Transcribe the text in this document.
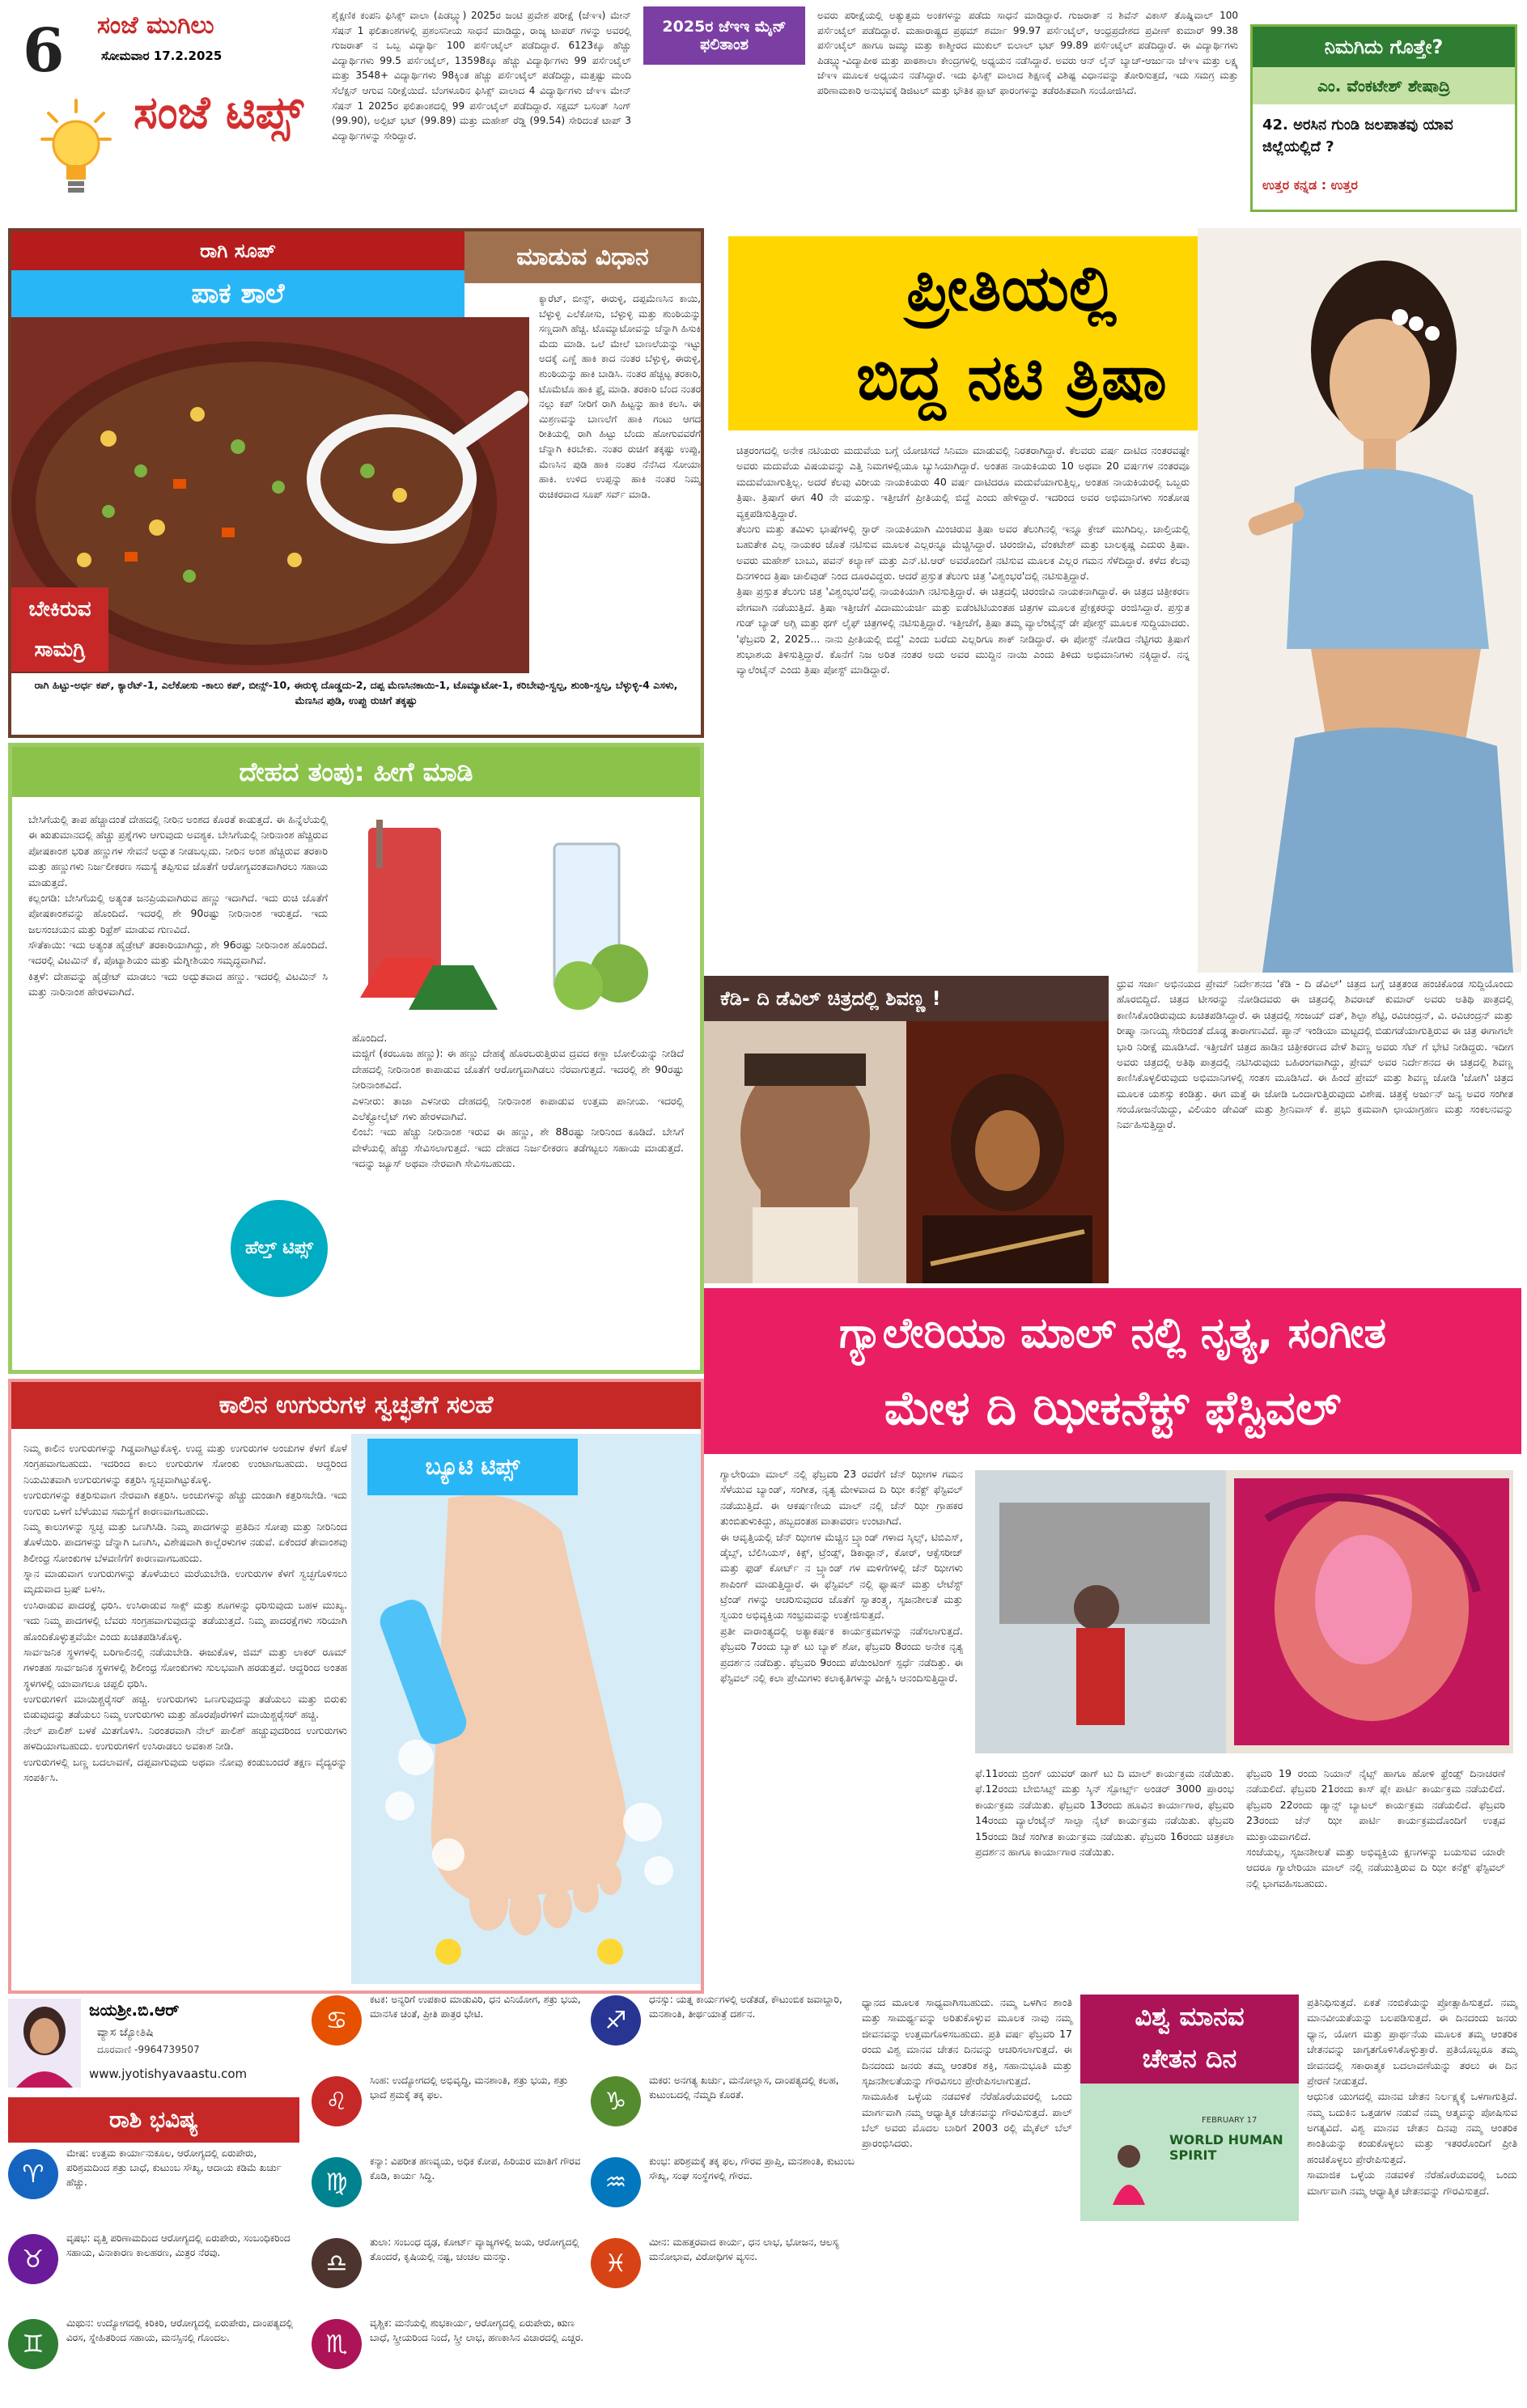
6 ಸಂಜೆ ಮುಗಿಲು
ಸೋಮವಾರ 17.2.2025
ಸಂಜೆ ಟಿಪ್ಸ್
ಶೈಕ್ಷಣಿಕ ಕಂಪನಿ ಫಿಸಿಕ್ಸ್ ವಾಲಾ (ಪಿಡಬ್ಲ್ಯು) 2025ರ ಜಂಟಿ ಪ್ರವೇಶ ಪರೀಕ್ಷೆ (ಜೆಇಇ) ಮೇನ್ ಸೆಷನ್ 1 ಫಲಿತಾಂಶಗಳಲ್ಲಿ ಪ್ರಶಂಸನೀಯ ಸಾಧನೆ ಮಾಡಿದ್ದು, ರಾಜ್ಯ ಟಾಪರ್ ಗಳನ್ನು ಅವರಲ್ಲಿ ಗುಜರಾತ್ ನ ಒಬ್ಬ ವಿದ್ಯಾರ್ಥಿ 100 ಪರ್ಸೆಂಟೈಲ್ ಪಡೆದಿದ್ದಾರೆ. 6123ಕ್ಕೂ ಹೆಚ್ಚು ವಿದ್ಯಾರ್ಥಿಗಳು 99.5 ಪರ್ಸೆಂಟೈಲ್, 13598ಕ್ಕೂ ಹೆಚ್ಚು ವಿದ್ಯಾರ್ಥಿಗಳು 99 ಪರ್ಸೆಂಟೈಲ್ ಮತ್ತು 3548+ ವಿದ್ಯಾರ್ಥಿಗಳು 98ಕ್ಕಿಂತ ಹೆಚ್ಚು ಪರ್ಸೆಂಟೈಲ್ ಪಡೆದಿದ್ದು, ಮತ್ತಷ್ಟು ಮಂದಿ ಸೆಲೆಕ್ಷನ್ ಆಗುವ ನಿರೀಕ್ಷೆಯಿದೆ. ಬೆಂಗಳೂರಿನ ಫಿಸಿಕ್ಸ್ ವಾಲಾದ 4 ವಿದ್ಯಾರ್ಥಿಗಳು ಜೆಇಇ ಮೇನ್ ಸೆಷನ್ 1 2025ರ ಫಲಿತಾಂಶದಲ್ಲಿ 99 ಪರ್ಸೆಂಟೈಲ್ ಪಡೆದಿದ್ದಾರೆ. ಸಕ್ಷಮ್ ಬಸಂತ್ ಸಿಂಗ್ (99.90), ಅಲ್ಪಿಟ್ ಭಟ್ (99.89) ಮತ್ತು ಮಹೇಶ್ ರೆಡ್ಡಿ (99.54) ಸೇರಿದಂತೆ ಟಾಪ್ 3 ವಿದ್ಯಾರ್ಥಿಗಳನ್ನು ಸೇರಿದ್ದಾರೆ.
2025ರ ಜೆಇಇ ಮೈನ್ ಫಲಿತಾಂಶ
ಅವರು ಪರೀಕ್ಷೆಯಲ್ಲಿ ಅತ್ಯುತ್ತಮ ಅಂಕಗಳನ್ನು ಪಡೆದು ಸಾಧನೆ ಮಾಡಿದ್ದಾರೆ. ಗುಜರಾತ್ ನ ಶಿವೆನ್ ವಿಕಾಸ್ ತೊಷ್ನಿವಾಲ್ 100 ಪರ್ಸೆಂಟೈಲ್ ಪಡೆದಿದ್ದಾರೆ. ಮಹಾರಾಷ್ಟ್ರದ ಪ್ರಥಮ್ ಶರ್ಮಾ 99.97 ಪರ್ಸೆಂಟೈಲ್, ಆಂಧ್ರಪ್ರದೇಶದ ಪ್ರವೀಣ್ ಕುಮಾರ್ 99.38 ಪರ್ಸೆಂಟೈಲ್ ಹಾಗೂ ಜಮ್ಮು ಮತ್ತು ಕಾಶ್ಮೀರದ ಮುಕುಲ್ ಬಿಲಾಲ್ ಭಟ್ 99.89 ಪರ್ಸೆಂಟೈಲ್ ಪಡೆದಿದ್ದಾರೆ. ಈ ವಿದ್ಯಾರ್ಥಿಗಳು ಪಿಡಬ್ಲ್ಯು-ವಿದ್ಯಾಪೀಠ ಮತ್ತು ಪಾಠಶಾಲಾ ಕೇಂದ್ರಗಳಲ್ಲಿ ಅಧ್ಯಯನ ನಡೆಸಿದ್ದಾರೆ. ಅವರು ಆನ್ ಲೈನ್ ಬ್ಯಾಚ್-ಆರ್ಜುನಾ ಜೆಇಇ ಮತ್ತು ಲಕ್ಷ್ಯ ಜೆಇಇ ಮೂಲಕ ಅಧ್ಯಯನ ನಡೆಸಿದ್ದಾರೆ. ಇದು ಫಿಸಿಕ್ಸ್ ವಾಲಾದ ಶಿಕ್ಷಣಕ್ಕೆ ವಿಶಿಷ್ಟ ವಿಧಾನವನ್ನು ತೋರಿಸುತ್ತದೆ, ಇದು ಸಮಗ್ರ ಮತ್ತು ಪರಿಣಾಮಕಾರಿ ಅನುಭವಕ್ಕೆ ಡಿಜಿಟಲ್ ಮತ್ತು ಭೌತಿಕ ಪ್ಲಾಟ್ ಫಾರಂಗಳನ್ನು ತಡೆರಹಿತವಾಗಿ ಸಂಯೋಜಿಸಿದೆ.
ನಿಮಗಿದು ಗೊತ್ತೇ?
ಎಂ. ವೆಂಕಟೇಶ್ ಶೇಷಾದ್ರಿ
42. ಅರಸಿನ ಗುಂಡಿ ಜಲಪಾತವು ಯಾವ ಜಿಲ್ಲೆಯಲ್ಲಿದೆ ?
ಉತ್ತರ ಕನ್ನಡ : ಉತ್ತರ
ರಾಗಿ ಸೂಪ್	ಮಾಡುವ ವಿಧಾನ
ಪಾಕ ಶಾಲೆ
ಬೇಕಿರುವ ಸಾಮಗ್ರಿ
ಕ್ಯಾರೆಟ್, ಬೀನ್ಸ್, ಈರುಳ್ಳಿ, ದಪ್ಪಮೆಣಸಿನ ಕಾಯಿ, ಬೆಳ್ಳುಳ್ಳಿ ಎಲೆಕೋಸು, ಬೆಳ್ಳುಳ್ಳಿ ಮತ್ತು ಶುಂಠಿಯನ್ನು ಸಣ್ಣದಾಗಿ ಹೆಚ್ಚಿ. ಟೊಮ್ಯಾಟೋವನ್ನು ಚೆನ್ನಾಗಿ ಹಿಸುಕಿ ಮೆದು ಮಾಡಿ. ಒಲೆ ಮೇಲೆ ಬಾಣಲೆಯನ್ನು ಇಟ್ಟು ಅದಕ್ಕೆ ಎಣ್ಣೆ ಹಾಕಿ ಕಾದ ನಂತರ ಬೆಳ್ಳುಳ್ಳಿ, ಈರುಳ್ಳಿ, ಶುಂಠಿಯನ್ನು ಹಾಕಿ ಬಾಡಿಸಿ. ನಂತರ ಹೆಚ್ಚಿಟ್ಟ ತರಕಾರಿ, ಟೊಮೆಟೊ ಹಾಕಿ ಫ್ರೈ ಮಾಡಿ. ತರಕಾರಿ ಬೆಂದ ನಂತರ ನಲ್ಲು ಕಪ್ ನೀರಿಗೆ ರಾಗಿ ಹಿಟ್ಟನ್ನು ಹಾಕಿ ಕಲಸಿ. ಈ ಮಿಶ್ರಣವನ್ನು ಬಾಣಲೆಗೆ ಹಾಕಿ ಗಂಟು ಆಗದ ರೀತಿಯಲ್ಲಿ ರಾಗಿ ಹಿಟ್ಟು ಬೆಂದು ಹೋಗುವವರೆಗೆ ಚೆನ್ನಾಗಿ ಕಿರಬೇಕು. ನಂತರ ರುಚಿಗೆ ತಕ್ಕಷ್ಟು ಉಪ್ಪು, ಮೆಣಸಿನ ಪುಡಿ ಹಾಕಿ ನಂತರ ನೆನೆಸಿದ ಸೋಯಾ ಹಾಕಿ. ಉಳಿದ ಉಪ್ಪನ್ನು ಹಾಕಿ ನಂತರ ನಿಮ್ಮ ರುಚಿಕರವಾದ ಸೂಪ್ ಸರ್ವ್ ಮಾಡಿ.
ರಾಗಿ ಹಿಟ್ಟು-ಅರ್ಧ ಕಪ್, ಕ್ಯಾರೆಟ್-1, ಎಲೆಕೋಸು -ಕಾಲು ಕಪ್, ಬೀನ್ಸ್-10, ಈರುಳ್ಳಿ ದೊಡ್ಡದು-2, ದಪ್ಪ ಮೆಣಸಿನಕಾಯಿ-1, ಟೊಮ್ಯಾಟೋ-1, ಕರಿಬೇವು-ಸ್ವಲ್ಪ, ಶುಂಠಿ-ಸ್ವಲ್ಪ, ಬೆಳ್ಳುಳ್ಳಿ-4 ಎಸಳು, ಮೆಣಸಿನ ಪುಡಿ, ಉಪ್ಪು ರುಚಿಗೆ ತಕ್ಕಷ್ಟು
ಪ್ರೀತಿಯಲ್ಲಿ
ಬಿದ್ದ ನಟಿ ತ್ರಿಷಾ
ಚಿತ್ರರಂಗದಲ್ಲಿ ಅನೇಕ ನಟಿಯರು ಮದುವೆಯ ಬಗ್ಗೆ ಯೋಚಿಸದೆ ಸಿನಿಮಾ ಮಾಡುವಲ್ಲಿ ನಿರತರಾಗಿದ್ದಾರೆ. ಕೆಲವರು ವರ್ಷ ದಾಟಿದ ನಂತರವಷ್ಟೇ ಅವರು ಮದುವೆಯ ವಿಷಯವನ್ನು ಎತ್ತಿ ನಿಮಗಳಲ್ಲಿಯೂ ಬ್ಯುಸಿಯಾಗಿದ್ದಾರೆ. ಅಂತಹ ನಾಯಕಿಯರು 10 ಅಥವಾ 20 ವರ್ಷಗಳ ನಂತರವೂ ಮದುವೆಯಾಗುತ್ತಿಲ್ಲ. ಅದರೆ ಕೆಲವು ವಿರೀಯ ನಾಯಕಿಯರು 40 ವರ್ಷ ದಾಟಿದರೂ ಮದುವೆಯಾಗುತ್ತಿಲ್ಲ, ಅಂತಹ ನಾಯಕಿಯರಲ್ಲಿ ಒಬ್ಬರು ತ್ರಿಷಾ. ತ್ರಿಷಾಗೆ ಈಗ 40 ನೇ ವಯಸ್ಸು. ಇತ್ತೀಚೆಗೆ ಪ್ರೀತಿಯಲ್ಲಿ ಬಿದ್ದೆ ಎಂದು ಹೇಳಿದ್ದಾರೆ. ಇದರಿಂದ ಅವರ ಅಭಿಮಾನಿಗಳು ಸಂತೋಷ ವ್ಯಕ್ತಪಡಿಸುತ್ತಿದ್ದಾರೆ.
ತೆಲುಗು ಮತ್ತು ತಮಿಳು ಭಾಷೆಗಳಲ್ಲಿ ಸ್ಟಾರ್ ನಾಯಕಿಯಾಗಿ ಮಿಂಚಿರುವ ತ್ರಿಷಾ ಅವರ ತೆಲುಗಿನಲ್ಲಿ ಇನ್ನೂ ಕ್ರೇಜ್ ಮುಗಿದಿಲ್ಲ. ಚಾಲ್ತಿಯಲ್ಲಿ ಬಹುತೇಕ ಎಲ್ಲ ನಾಯಕರ ಜೊತೆ ನಟಿಸುವ ಮೂಲಕ ಎಲ್ಲರನ್ನೂ ಮೆಚ್ಚಿಸಿದ್ದಾರೆ. ಚಿರಂಜೀವಿ, ವೆಂಕಟೇಶ್ ಮತ್ತು ಬಾಲಕೃಷ್ಣ ಎದುರು ತ್ರಿಷಾ. ಅವರು ಮಹೇಶ್ ಬಾಬು, ಪವನ್ ಕಲ್ಯಾಣ್ ಮತ್ತು ಎನ್.ಟಿ.ಆರ್ ಅವರೊಂದಿಗೆ ನಟಿಸುವ ಮೂಲಕ ಎಲ್ಲರ ಗಮನ ಸೆಳೆದಿದ್ದಾರೆ. ಕಳೆದ ಕೆಲವು ದಿನಗಳಿಂದ ತ್ರಿಷಾ ಚಾಲಿವುಡ್ ನಿಂದ ದೂರವಿದ್ದರು. ಆದರೆ ಪ್ರಸ್ತುತ ತೆಲುಗು ಚಿತ್ರ 'ವಿಶ್ವಂಭರ'ದಲ್ಲಿ ನಟಿಸುತ್ತಿದ್ದಾರೆ.
ತ್ರಿಷಾ ಪ್ರಸ್ತುತ ತೆಲುಗು ಚಿತ್ರ 'ವಿಶ್ವಂಭರ'ದಲ್ಲಿ ನಾಯಕಿಯಾಗಿ ನಟಿಸುತ್ತಿದ್ದಾರೆ. ಈ ಚಿತ್ರದಲ್ಲಿ ಚಿರಂಜೀವಿ ನಾಯಕನಾಗಿದ್ದಾರೆ. ಈ ಚಿತ್ರದ ಚಿತ್ರೀಕರಣ ವೇಗವಾಗಿ ನಡೆಯುತ್ತಿದೆ. ತ್ರಿಷಾ ಇತ್ತೀಚೆಗೆ ವಿದಾಮುಯರ್ಚಿ ಮತ್ತು ಐಡೆಂಟಿಟಿಯಂತಹ ಚಿತ್ರಗಳ ಮೂಲಕ ಪ್ರೇಕ್ಷಕರನ್ನು ರಂಜಿಸಿದ್ದಾರೆ. ಪ್ರಸ್ತುತ ಗುಡ್ ಬ್ಯಾಡ್ ಅಗ್ಲಿ ಮತ್ತು ಥಗ್ ಲೈಫ್ ಚಿತ್ರಗಳಲ್ಲಿ ನಟಿಸುತ್ತಿದ್ದಾರೆ. ಇತ್ತೀಚೆಗೆ, ತ್ರಿಷಾ ತಮ್ಮ ವ್ಯಾಲೆಂಟೈನ್ಸ್ ಡೇ ಪೋಸ್ಟ್ ಮೂಲಕ ಸುದ್ದಿಯಾದರು. 'ಫೆಬ್ರವರಿ 2, 2025... ನಾನು ಪ್ರೀತಿಯಲ್ಲಿ ಬಿದ್ದೆ' ಎಂದು ಬರೆದು ಎಲ್ಲರಿಗೂ ಶಾಕ್ ನೀಡಿದ್ದಾರೆ. ಈ ಪೋಸ್ಟ್ ನೋಡಿದ ನೆಟ್ಟಿಗರು ತ್ರಿಷಾಗೆ ಶುಭಾಶಯ ತಿಳಿಸುತ್ತಿದ್ದಾರೆ. ಕೊನೆಗೆ ನಿಜ ಅರಿತ ನಂತರ ಅದು ಅವರ ಮುದ್ದಿನ ನಾಯಿ ಎಂದು ತಿಳಿದು ಅಭಿಮಾನಿಗಳು ನಕ್ಕಿದ್ದಾರೆ. ನನ್ನ ವ್ಯಾಲೆಂಟೈನ್ ಎಂದು ತ್ರಿಷಾ ಪೋಸ್ಟ್ ಮಾಡಿದ್ದಾರೆ.
ದೇಹದ ತಂಪು: ಹೀಗೆ ಮಾಡಿ
ಬೇಸಿಗೆಯಲ್ಲಿ ತಾಪ ಹೆಚ್ಚಾದಂತೆ ದೇಹದಲ್ಲಿ ನೀರಿನ ಅಂಶದ ಕೊರತೆ ಕಾಡುತ್ತದೆ. ಈ ಹಿನ್ನೆಲೆಯಲ್ಲಿ ಈ ಋತುಮಾನದಲ್ಲಿ ಹೆಚ್ಚು ಪ್ರಶ್ನೆಗಳು ಆಗುವುದು ಅವಶ್ಯಕ. ಬೇಸಿಗೆಯಲ್ಲಿ ನೀರಿನಾಂಶ ಹೆಚ್ಚಿರುವ ಪೋಷಕಾಂಶ ಭರಿತ ಹಣ್ಣುಗಳ ಸೇವನೆ ಅದ್ಭುತ ನೀಡಬಲ್ಲದು. ನೀರಿನ ಅಂಶ ಹೆಚ್ಚಿರುವ ತರಕಾರಿ ಮತ್ತು ಹಣ್ಣುಗಳು ನಿರ್ಜಲೀಕರಣ ಸಮಸ್ಯೆ ತಪ್ಪಿಸುವ ಜೊತೆಗೆ ಆರೋಗ್ಯವಂತವಾಗಿರಲು ಸಹಾಯ ಮಾಡುತ್ತದೆ.
ಕಲ್ಲಂಗಡಿ: ಬೇಸಿಗೆಯಲ್ಲಿ ಅತ್ಯಂತ ಜನಪ್ರಿಯವಾಗಿರುವ ಹಣ್ಣು ಇದಾಗಿದೆ. ಇದು ರುಚಿ ಜೊತೆಗೆ ಪೋಷಕಾಂಶವನ್ನು ಹೊಂದಿದೆ. ಇದರಲ್ಲಿ ಶೇ 90ರಷ್ಟು ನೀರಿನಾಂಶ ಇರುತ್ತದೆ. ಇದು ಜಲಸಂಚಯನ ಮತ್ತು ರಿಫ್ರೆಶ್ ಮಾಡುವ ಗುಣವಿದೆ.
ಸೌತೆಕಾಯಿ: ಇದು ಅತ್ಯಂತ ಹೈಡ್ರೇಟ್ ತರಕಾರಿಯಾಗಿದ್ದು, ಶೇ 96ರಷ್ಟು ನೀರಿನಾಂಶ ಹೊಂದಿದೆ. ಇದರಲ್ಲಿ ವಿಟಮಿನ್ ಕೆ, ಪೊಟ್ಯಾಶಿಯಂ ಮತ್ತು ಮೆಗ್ನೀಶಿಯಂ ಸಮೃದ್ಧವಾಗಿವೆ.
ಕಿತ್ತಳೆ: ದೇಹವನ್ನು ಹೈಡ್ರೇಟ್ ಮಾಡಲು ಇದು ಅದ್ಭುತವಾದ ಹಣ್ಣು. ಇದರಲ್ಲಿ ವಿಟಮಿನ್ ಸಿ ಮತ್ತು ನಾರಿನಾಂಶ ಹೇರಳವಾಗಿದೆ.
ಹೊಂದಿದೆ.
ಮಜ್ಜಿಗೆ (ಕರಬೂಜ ಹಣ್ಣು): ಈ ಹಣ್ಣು ದೇಹಕ್ಕೆ ಹೊರಬರುತ್ತಿರುವ ದ್ರವದ ಕಣ್ಣಾ ಬೋಲಿಯನ್ನು ನೀಡಿದೆ ದೇಹದಲ್ಲಿ ನೀರಿನಾಂಶ ಕಾಪಾಡುವ ಜೊತೆಗೆ ಆರೋಗ್ಯವಾಗಿಡಲು ನೆರವಾಗುತ್ತದೆ. ಇದರಲ್ಲಿ ಶೇ 90ರಷ್ಟು ನೀರಿನಾಂಶವಿದೆ.
ಎಳನೀರು: ತಾಜಾ ಎಳನೀರು ದೇಹದಲ್ಲಿ ನೀರಿನಾಂಶ ಕಾಪಾಡುವ ಉತ್ತಮ ಪಾನೀಯ. ಇದರಲ್ಲಿ ಎಲೆಕ್ಟ್ರೋಲೈಟ್ ಗಳು ಹೇರಳವಾಗಿವೆ.
ಲಿಂಬೆ: ಇದು ಹೆಚ್ಚು ನೀರಿನಾಂಶ ಇರುವ ಈ ಹಣ್ಣು, ಶೇ 88ರಷ್ಟು ನೀರಿನಿಂದ ಕೂಡಿದೆ. ಬೇಸಿಗೆ ವೇಳೆಯಲ್ಲಿ ಹೆಚ್ಚು ಸೇವಿಸಲಾಗುತ್ತದೆ. ಇದು ದೇಹದ ನಿರ್ಜಲೀಕರಣ ತಡೆಗಟ್ಟಲು ಸಹಾಯ ಮಾಡುತ್ತದೆ. ಇದನ್ನು ಜ್ಯೂಸ್ ಅಥವಾ ನೇರವಾಗಿ ಸೇವಿಸಬಹುದು.
ಹೆಲ್ತ್ ಟಿಪ್ಸ್
ಕೆಡಿ- ದಿ ಡೆವಿಲ್ ಚಿತ್ರದಲ್ಲಿ ಶಿವಣ್ಣ !
ಧ್ರುವ ಸರ್ಜಾ ಅಭಿನಯದ ಪ್ರೇಮ್ ನಿರ್ದೇಶನದ 'ಕೆಡಿ - ದಿ ಡೆವಿಲ್' ಚಿತ್ರದ ಬಗ್ಗೆ ಚಿತ್ರತಂಡ ಹಂಚಿಕೊಂಡ ಸುದ್ದಿಯೊಂದು ಹೊರಬಿದ್ದಿದೆ. ಚಿತ್ರದ ಟೀಸರನ್ನು ನೋಡಿದವರು ಈ ಚಿತ್ರದಲ್ಲಿ ಶಿವರಾಜ್ ಕುಮಾರ್ ಅವರು ಅತಿಥಿ ಪಾತ್ರದಲ್ಲಿ ಕಾಣಿಸಿಕೊಂಡಿರುವುದು ಖಚಿತಪಡಿಸಿದ್ದಾರೆ. ಈ ಚಿತ್ರದಲ್ಲಿ ಸಂಜಯ್ ದತ್, ಶಿಲ್ಪಾ ಶೆಟ್ಟಿ, ರವಿಚಂದ್ರನ್, ವಿ. ರವಿಚಂದ್ರನ್ ಮತ್ತು ರೀಷ್ಮಾ ನಾಣಯ್ಯ ಸೇರಿದಂತೆ ದೊಡ್ಡ ತಾರಾಗಣವಿದೆ. ಪ್ಯಾನ್ ಇಂಡಿಯಾ ಮಟ್ಟದಲ್ಲಿ ಬಿಡುಗಡೆಯಾಗುತ್ತಿರುವ ಈ ಚಿತ್ರ ಈಗಾಗಲೇ ಭಾರಿ ನಿರೀಕ್ಷೆ ಮೂಡಿಸಿದೆ. ಇತ್ತೀಚೆಗೆ ಚಿತ್ರದ ಹಾಡಿನ ಚಿತ್ರೀಕರಣದ ವೇಳೆ ಶಿವಣ್ಣ ಅವರು ಸೆಟ್ ಗೆ ಭೇಟಿ ನೀಡಿದ್ದರು. ಇದೀಗ ಅವರು ಚಿತ್ರದಲ್ಲಿ ಅತಿಥಿ ಪಾತ್ರದಲ್ಲಿ ನಟಿಸಿರುವುದು ಬಹಿರಂಗವಾಗಿದ್ದು, ಪ್ರೇಮ್ ಅವರ ನಿರ್ದೇಶನದ ಈ ಚಿತ್ರದಲ್ಲಿ ಶಿವಣ್ಣ ಕಾಣಿಸಿಕೊಳ್ಳಲಿರುವುದು ಅಭಿಮಾನಿಗಳಲ್ಲಿ ಸಂತಸ ಮೂಡಿಸಿದೆ. ಈ ಹಿಂದೆ ಪ್ರೇಮ್ ಮತ್ತು ಶಿವಣ್ಣ ಜೋಡಿ 'ಜೋಗಿ' ಚಿತ್ರದ ಮೂಲಕ ಯಶಸ್ಸು ಕಂಡಿತ್ತು. ಈಗ ಮತ್ತೆ ಈ ಜೋಡಿ ಒಂದಾಗುತ್ತಿರುವುದು ವಿಶೇಷ. ಚಿತ್ರಕ್ಕೆ ಅರ್ಜುನ್ ಜನ್ಯ ಅವರ ಸಂಗೀತ ಸಂಯೋಜನೆಯಿದ್ದು, ವಿಲಿಯಂ ಡೇವಿಡ್ ಮತ್ತು ಶ್ರೀನಿವಾಸ್ ಕೆ. ಪ್ರಭು ಕ್ರಮವಾಗಿ ಛಾಯಾಗ್ರಹಣ ಮತ್ತು ಸಂಕಲನವನ್ನು ನಿರ್ವಹಿಸುತ್ತಿದ್ದಾರೆ.
ಗ್ಯಾಲೇರಿಯಾ ಮಾಲ್ ನಲ್ಲಿ ನೃತ್ಯ, ಸಂಗೀತ
ಮೇಳ ದಿ ಝೀಕನೆಕ್ಟ್ ಫೆಸ್ಟಿವಲ್
ಗ್ಯಾಲೇರಿಯಾ ಮಾಲ್ ನಲ್ಲಿ ಫೆಬ್ರವರಿ 23 ರವರೆಗೆ ಜೆನ್ ಝೀಗಳ ಗಮನ ಸೆಳೆಯುವ ಬ್ಯಾಂಡ್, ಸಂಗೀತ, ನೃತ್ಯ ಮೇಳವಾದ ದಿ ಝೀ ಕನೆಕ್ಟ್ ಫೆಸ್ಟಿವಲ್ ನಡೆಯುತ್ತಿದೆ. ಈ ಆಕರ್ಷಣೀಯ ಮಾಲ್ ನಲ್ಲಿ ಜೆನ್ ಝೀ ಗ್ರಾಹಕರ ತುಂಬಿತುಳುಕಿದ್ದು, ಹಬ್ಬದಂತಹ ವಾತಾವರಣ ಉಂಟಾಗಿದೆ.
ಈ ಆವೃತ್ತಿಯಲ್ಲಿ ಜೆನ್ ಝೀಗಳ ಮೆಚ್ಚಿನ ಬ್ರ್ಯಾಂಡ್ ಗಳಾದ ಸ್ಕಿಲ್ಸ್, ಟಿಬಿಎಸ್, ಡೈಬ್ಸ್, ಬೆಲಿಸಿಯಸ್, ಕಿಕ್ಸ್, ಟ್ರೆಂಡ್ಸ್, ಡಿಕಾಥ್ಲಾನ್, ಕೋರ್, ಆಕ್ಸೆಸರೀಜ್ ಮತ್ತು ಫುಡ್ ಕೋರ್ಟ್ ನ ಬ್ರ್ಯಾಂಡ್ ಗಳ ಮಳಿಗೆಗಳಲ್ಲಿ ಜೆನ್ ಝೀಗಳು ಶಾಪಿಂಗ್ ಮಾಡುತ್ತಿದ್ದಾರೆ. ಈ ಫೆಸ್ಟಿವಲ್ ನಲ್ಲಿ ಫ್ಯಾಷನ್ ಮತ್ತು ಲೇಟೆಸ್ಟ್ ಟ್ರೆಂಡ್ ಗಳನ್ನು ಆಚರಿಸುವುದರ ಜೊತೆಗೆ ಸ್ವಾತಂತ್ರ್ಯ, ಸೃಜನಶೀಲತೆ ಮತ್ತು ಸ್ವಯಂ ಅಭಿವ್ಯಕ್ತಿಯ ಸಂಭ್ರಮವನ್ನು ಉತ್ತೇಜಿಸುತ್ತದೆ.
ಪ್ರತೀ ವಾರಾಂತ್ಯದಲ್ಲಿ ಅತ್ಯಾಕರ್ಷಕ ಕಾರ್ಯಕ್ರಮಗಳನ್ನು ನಡೆಸಲಾಗುತ್ತದೆ. ಫೆಬ್ರವರಿ 7ರಂದು ಬ್ಯಾಕ್ ಟು ಬ್ಯಾಕ್ ಶೋ, ಫೆಬ್ರವರಿ 8ರಂದು ಅನೇಕ ನೃತ್ಯ ಪ್ರದರ್ಶನ ನಡೆದಿತ್ತು. ಫೆಬ್ರವರಿ 9ರಂದು ಪೆಯಿಂಟಿಂಗ್ ಸ್ಪರ್ಧೆ ನಡೆದಿತ್ತು. ಈ ಫೆಸ್ಟಿವಲ್ ನಲ್ಲಿ ಕಲಾ ಪ್ರೇಮಿಗಳು ಕಲಾಕೃತಿಗಳನ್ನು ವೀಕ್ಷಿಸಿ ಆನಂದಿಸುತ್ತಿದ್ದಾರೆ.
ಫೆ.11ರಂದು ಬ್ರಿಂಗ್ ಯುವರ್ ಡಾಗ್ ಟು ದಿ ಮಾಲ್ ಕಾರ್ಯಕ್ರಮ ನಡೆಯಿತು. ಫೆ.12ರಂದು ಬೇಬಿಸಿಟ್ಸ್ ಮತ್ತು ಸ್ಕಿನ್ ಸ್ಪೋರ್ಟ್ಸ್ ಅಂಡರ್ 3000 ಪ್ರಾರಂಭ ಕಾರ್ಯಕ್ರಮ ನಡೆಯಿತು. ಫೆಬ್ರವರಿ 13ರಂದು ಹೂವಿನ ಕಾರ್ಯಾಗಾರ, ಫೆಬ್ರವರಿ 14ರಂದು ವ್ಯಾಲೆಂಟೈನ್ ಸಾಲ್ಸಾ ನೈಟ್ ಕಾರ್ಯಕ್ರಮ ನಡೆಯಿತು. ಫೆಬ್ರವರಿ 15ರಂದು ಡಿಜೆ ಸಂಗೀತ ಕಾರ್ಯಕ್ರಮ ನಡೆಯಿತು. ಫೆಬ್ರವರಿ 16ರಂದು ಚಿತ್ರಕಲಾ ಪ್ರದರ್ಶನ ಹಾಗೂ ಕಾರ್ಯಾಗಾರ ನಡೆಯಿತು.
ಫೆಬ್ರವರಿ 19 ರಂದು ನಿಯಾನ್ ನೈಟ್ಸ್ ಹಾಗೂ ಹೋಳಿ ಫ್ರೆಂಡ್ಸ್ ದಿನಾಚರಣೆ ನಡೆಯಲಿದೆ. ಫೆಬ್ರವರಿ 21ರಂದು ಕಾಸ್ ಪ್ಲೇ ಪಾರ್ಟಿ ಕಾರ್ಯಕ್ರಮ ನಡೆಯಲಿದೆ. ಫೆಬ್ರವರಿ 22ರಂದು ಡ್ಯಾನ್ಸ್ ಬ್ಯಾಟಲ್ ಕಾರ್ಯಕ್ರಮ ನಡೆಯಲಿದೆ. ಫೆಬ್ರವರಿ 23ರಂದು ಜೆನ್ ಝೀ ಪಾರ್ಟಿ ಕಾರ್ಯಕ್ರಮದೊಂದಿಗೆ ಉತ್ಸವ ಮುಕ್ತಾಯವಾಗಲಿದೆ.
ಸಂಜೆಯಲ್ಲ, ಸೃಜನಶೀಲತೆ ಮತ್ತು ಅಭಿವ್ಯಕ್ತಿಯ ಕ್ಷಣಗಳನ್ನು ಬಯಸುವ ಯಾರೇ ಆದರೂ ಗ್ಯಾಲೇರಿಯಾ ಮಾಲ್ ನಲ್ಲಿ ನಡೆಯುತ್ತಿರುವ ದಿ ಝೀ ಕನೆಕ್ಟ್ ಫೆಸ್ಟಿವಲ್ ನಲ್ಲಿ ಭಾಗವಹಿಸಬಹುದು.
ಕಾಲಿನ ಉಗುರುಗಳ ಸ್ವಚ್ಛತೆಗೆ ಸಲಹೆ
ನಿಮ್ಮ ಕಾಲಿನ ಉಗುರುಗಳನ್ನು ಗಿಡ್ಡವಾಗಿಟ್ಟುಕೊಳ್ಳಿ. ಉದ್ದ ಮತ್ತು ಉಗುರುಗಳ ಅಂಚುಗಳ ಕೆಳಗೆ ಕೊಳೆ ಸಂಗ್ರಹವಾಗಬಹುದು. ಇದರಿಂದ ಕಾಲು ಉಗುರುಗಳ ಸೋಂಕು ಉಂಟಾಗಬಹುದು. ಆದ್ದರಿಂದ ನಿಯಮಿತವಾಗಿ ಉಗುರುಗಳನ್ನು ಕತ್ತರಿಸಿ ಸ್ವಚ್ಛವಾಗಿಟ್ಟುಕೊಳ್ಳಿ.
ಉಗುರುಗಳನ್ನು ಕತ್ತರಿಸುವಾಗ ನೇರವಾಗಿ ಕತ್ತರಿಸಿ. ಅಂಚುಗಳನ್ನು ಹೆಚ್ಚು ದುಂಡಾಗಿ ಕತ್ತರಿಸಬೇಡಿ. ಇದು ಉಗುರು ಒಳಗೆ ಬೆಳೆಯುವ ಸಮಸ್ಯೆಗೆ ಕಾರಣವಾಗಬಹುದು.
ನಿಮ್ಮ ಕಾಲುಗಳನ್ನು ಸ್ವಚ್ಛ ಮತ್ತು ಒಣಗಿಸಿಡಿ. ನಿಮ್ಮ ಪಾದಗಳನ್ನು ಪ್ರತಿದಿನ ಸೋಪು ಮತ್ತು ನೀರಿನಿಂದ ತೊಳೆಯಿರಿ. ಪಾದಗಳನ್ನು ಚೆನ್ನಾಗಿ ಒಣಗಿಸಿ, ವಿಶೇಷವಾಗಿ ಕಾಲ್ಬೆರಳುಗಳ ನಡುವೆ. ಏಕೆಂದರೆ ತೇವಾಂಶವು ಶಿಲೀಂಧ್ರ ಸೋಂಕುಗಳ ಬೆಳವಣಿಗೆಗೆ ಕಾರಣವಾಗಬಹುದು.
ಸ್ನಾನ ಮಾಡುವಾಗ ಉಗುರುಗಳನ್ನು ತೊಳೆಯಲು ಮರೆಯಬೇಡಿ. ಉಗುರುಗಳ ಕೆಳಗೆ ಸ್ವಚ್ಛಗೊಳಿಸಲು ಮೃದುವಾದ ಬ್ರಷ್ ಬಳಸಿ.
ಉಸಿರಾಡುವ ಪಾದರಕ್ಷೆ ಧರಿಸಿ. ಉಸಿರಾಡುವ ಸಾಕ್ಸ್ ಮತ್ತು ಶೂಗಳನ್ನು ಧರಿಸುವುದು ಬಹಳ ಮುಖ್ಯ. ಇದು ನಿಮ್ಮ ಪಾದಗಳಲ್ಲಿ ಬೆವರು ಸಂಗ್ರಹವಾಗುವುದನ್ನು ತಡೆಯುತ್ತದೆ. ನಿಮ್ಮ ಪಾದರಕ್ಷೆಗಳು ಸರಿಯಾಗಿ ಹೊಂದಿಕೊಳ್ಳುತ್ತವೆಯೇ ಎಂದು ಖಚಿತಪಡಿಸಿಕೊಳ್ಳಿ.
ಸಾರ್ವಜನಿಕ ಸ್ಥಳಗಳಲ್ಲಿ ಬರಿಗಾಲಿನಲ್ಲಿ ನಡೆಯಬೇಡಿ. ಈಜುಕೊಳ, ಜಿಮ್ ಮತ್ತು ಲಾಕರ್ ರೂಮ್ ಗಳಂತಹ ಸಾರ್ವಜನಿಕ ಸ್ಥಳಗಳಲ್ಲಿ ಶಿಲೀಂಧ್ರ ಸೋಂಕುಗಳು ಸುಲಭವಾಗಿ ಹರಡುತ್ತವೆ. ಆದ್ದರಿಂದ ಅಂತಹ ಸ್ಥಳಗಳಲ್ಲಿ ಯಾವಾಗಲೂ ಚಪ್ಪಲಿ ಧರಿಸಿ.
ಉಗುರುಗಳಿಗೆ ಮಾಯಿಶ್ಚರೈಸರ್ ಹಚ್ಚಿ. ಉಗುರುಗಳು ಒಣಗುವುದನ್ನು ತಡೆಯಲು ಮತ್ತು ಬಿರುಕು ಬಿಡುವುದನ್ನು ತಡೆಯಲು ನಿಮ್ಮ ಉಗುರುಗಳು ಮತ್ತು ಹೊರಪೊರೆಗಳಿಗೆ ಮಾಯಿಶ್ಚರೈಸರ್ ಹಚ್ಚಿ.
ನೇಲ್ ಪಾಲಿಶ್ ಬಳಕೆ ಮಿತಗೊಳಿಸಿ. ನಿರಂತರವಾಗಿ ನೇಲ್ ಪಾಲಿಶ್ ಹಚ್ಚುವುದರಿಂದ ಉಗುರುಗಳು ಹಳದಿಯಾಗಬಹುದು. ಉಗುರುಗಳಿಗೆ ಉಸಿರಾಡಲು ಅವಕಾಶ ನೀಡಿ.
ಉಗುರುಗಳಲ್ಲಿ ಬಣ್ಣ ಬದಲಾವಣೆ, ದಪ್ಪವಾಗುವುದು ಅಥವಾ ನೋವು ಕಂಡುಬಂದರೆ ತಕ್ಷಣ ವೈದ್ಯರನ್ನು ಸಂಪರ್ಕಿಸಿ.
ಬ್ಯೂಟಿ ಟಿಪ್ಸ್
ಜಯಶ್ರೀ.ಬಿ.ಆರ್
ವ್ಯಾಸ ಜ್ಯೋತಿಷಿ
ದೂರವಾಣಿ -9964739507
www.jyotishyavaastu.com
ರಾಶಿ ಭವಿಷ್ಯ
♈
ಮೇಷ: ಉತ್ತಮ ಕಾರ್ಯಾನುಕೂಲ, ಆರೋಗ್ಯದಲ್ಲಿ ಏರುಪೇರು, ಪರಿಶ್ರಮದಿಂದ ಶತ್ರು ಬಾಧೆ, ಕುಟುಂಬ ಸೌಖ್ಯ, ಆದಾಯ ಕಡಿಮೆ ಖರ್ಚು ಹೆಚ್ಚು.
♉
ವೃಷಭ: ವೃತ್ತಿ ಪರಿಣಾಮದಿಂದ ಆರೋಗ್ಯದಲ್ಲಿ ಏರುಪೇರು, ಸಂಬಂಧಿಕರಿಂದ ಸಹಾಯ, ವಿನಾಕಾರಣ ಕಾಲಹರಣ, ಮಿತ್ರರ ನೆರವು.
♊
ಮಿಥುನ: ಉದ್ಯೋಗದಲ್ಲಿ ಕಿರಿಕಿರಿ, ಆರೋಗ್ಯದಲ್ಲಿ ಏರುಪೇರು, ದಾಂಪತ್ಯದಲ್ಲಿ ವಿರಸ, ಸ್ನೇಹಿತರಿಂದ ಸಹಾಯ, ಮನಸ್ಸಿನಲ್ಲಿ ಗೊಂದಲ.
♋
ಕಟಕ: ಅನ್ಯರಿಗೆ ಉಪಕಾರ ಮಾಡುವಿರಿ, ಧನ ವಿನಿಯೋಗ, ಶತ್ರು ಭಯ, ಮಾನಸಿಕ ಚಿಂತೆ, ಪ್ರೀತಿ ಪಾತ್ರರ ಭೇಟಿ.
♌
ಸಿಂಹ: ಉದ್ಯೋಗದಲ್ಲಿ ಅಭಿವೃದ್ಧಿ, ಮನಶಾಂತಿ, ಶತ್ರು ಭಯ, ಶತ್ರು ಭಾದೆ ಶ್ರಮಕ್ಕೆ ತಕ್ಕ ಫಲ.
♍
ಕನ್ಯಾ: ವಿಪರೀತ ಹಣವ್ಯಯ, ಅಧಿಕ ಕೋಪ, ಹಿರಿಯರ ಮಾತಿಗೆ ಗೌರವ ಕೊಡಿ, ಕಾರ್ಯ ಸಿದ್ಧಿ.
♎
ತುಲಾ: ಸಂಬಂಧ ದೃಢ, ಕೋರ್ಟ್ ವ್ಯಾಜ್ಯಗಳಲ್ಲಿ ಜಯ, ಆರೋಗ್ಯದಲ್ಲಿ ತೊಂದರೆ, ಕೃಷಿಯಲ್ಲಿ ನಷ್ಟ, ಚಂಚಲ ಮನಸ್ಸು.
♏
ವೃಶ್ಚಿಕ: ಮನೆಯಲ್ಲಿ ಶುಭಕಾರ್ಯ, ಆರೋಗ್ಯದಲ್ಲಿ ಏರುಪೇರು, ಋಣ ಬಾಧೆ, ಸ್ತ್ರೀಯರಿಂದ ನಿಂದೆ, ಸ್ತ್ರೀ ಲಾಭ, ಹಣಕಾಸಿನ ವಿಚಾರದಲ್ಲಿ ಎಚ್ಚರ.
♐
ಧನಸ್ಸು: ಯತ್ನ ಕಾರ್ಯಗಳಲ್ಲಿ ಅಡೆತಡೆ, ಕೌಟುಂಬಿಕ ಜವಾಬ್ದಾರಿ, ಮನಶಾಂತಿ, ತೀರ್ಥಯಾತ್ರೆ ದರ್ಶನ.
♑
ಮಕರ: ಅನಗತ್ಯ ಖರ್ಚು, ಮನೋಲ್ಲಾಸ, ದಾಂಪತ್ಯದಲ್ಲಿ ಕಲಹ, ಕುಟುಂಬದಲ್ಲಿ ನೆಮ್ಮದಿ ಕೊರತೆ.
♒
ಕುಂಭ: ಪರಿಶ್ರಮಕ್ಕೆ ತಕ್ಕ ಫಲ, ಗೌರವ ಪ್ರಾಪ್ತಿ, ಮನಶಾಂತಿ, ಕುಟುಂಬ ಸೌಖ್ಯ, ಸಂಘ ಸಂಸ್ಥೆಗಳಲ್ಲಿ ಗೌರವ.
♓
ಮೀನ: ಮಹತ್ತರವಾದ ಕಾರ್ಯ, ಧನ ಲಾಭ, ಭೋಜನ, ಆಲಸ್ಯ ಮನೋಭಾವ, ವಿರೋಧಿಗಳ ವ್ಯಸನ.
ಧ್ಯಾನದ ಮೂಲಕ ಸಾಧ್ಯವಾಗಿಸಬಹುದು. ನಮ್ಮ ಒಳಗಿನ ಶಾಂತಿ ಮತ್ತು ಸಾಮರ್ಥ್ಯವನ್ನು ಅರಿತುಕೊಳ್ಳುವ ಮೂಲಕ ನಾವು ನಮ್ಮ ಜೀವನವನ್ನು ಉತ್ತಮಗೊಳಿಸಬಹುದು. ಪ್ರತಿ ವರ್ಷ ಫೆಬ್ರವರಿ 17 ರಂದು ವಿಶ್ವ ಮಾನವ ಚೇತನ ದಿನವನ್ನು ಆಚರಿಸಲಾಗುತ್ತದೆ. ಈ ದಿನದಂದು ಜನರು ತಮ್ಮ ಆಂತರಿಕ ಶಕ್ತಿ, ಸಹಾನುಭೂತಿ ಮತ್ತು ಸೃಜನಶೀಲತೆಯನ್ನು ಗೌರವಿಸಲು ಪ್ರೇರೇಪಿಸಲಾಗುತ್ತದೆ.
ಸಾಮೂಹಿಕ ಒಳ್ಳೆಯ ನಡವಳಿಕೆ ನೆರೆಹೊರೆಯವರಲ್ಲಿ ಒಂದು ಮಾರ್ಗವಾಗಿ ನಮ್ಮ ಆಧ್ಯಾತ್ಮಿಕ ಚೇತನವನ್ನು ಗೌರವಿಸುತ್ತದೆ. ಪಾಲ್ ಬೆಲ್ ಅವರು ಮೊದಲ ಬಾರಿಗೆ 2003 ರಲ್ಲಿ ಮೈಕೆಲ್ ಬೆಲ್ ಪ್ರಾರಂಭಿಸಿದರು.
ವಿಶ್ವ ಮಾನವ
ಚೇತನ ದಿನ
FEBRUARY 17
WORLD HUMAN SPIRIT
ಪ್ರತಿನಿಧಿಸುತ್ತದೆ. ಏಕತೆ ನಂಬಿಕೆಯನ್ನು ಪ್ರೋತ್ಸಾಹಿಸುತ್ತದೆ. ನಮ್ಮ ಮಾನವೀಯತೆಯನ್ನು ಬಲಪಡಿಸುತ್ತದೆ. ಈ ದಿನದಂದು ಜನರು ಧ್ಯಾನ, ಯೋಗ ಮತ್ತು ಪ್ರಾರ್ಥನೆಯ ಮೂಲಕ ತಮ್ಮ ಆಂತರಿಕ ಚೇತನವನ್ನು ಜಾಗೃತಗೊಳಿಸಿಕೊಳ್ಳುತ್ತಾರೆ. ಪ್ರತಿಯೊಬ್ಬರೂ ತಮ್ಮ ಜೀವನದಲ್ಲಿ ಸಕಾರಾತ್ಮಕ ಬದಲಾವಣೆಯನ್ನು ತರಲು ಈ ದಿನ ಪ್ರೇರಣೆ ನೀಡುತ್ತದೆ.
ಆಧುನಿಕ ಯುಗದಲ್ಲಿ ಮಾನವ ಚೇತನ ನಿರ್ಲಕ್ಷ್ಯಕ್ಕೆ ಒಳಗಾಗುತ್ತಿದೆ. ನಮ್ಮ ಬದುಕಿನ ಒತ್ತಡಗಳ ನಡುವೆ ನಮ್ಮ ಆತ್ಮವನ್ನು ಪೋಷಿಸುವ ಅಗತ್ಯವಿದೆ. ವಿಶ್ವ ಮಾನವ ಚೇತನ ದಿನವು ನಮ್ಮ ಆಂತರಿಕ ಶಾಂತಿಯನ್ನು ಕಂಡುಕೊಳ್ಳಲು ಮತ್ತು ಇತರರೊಂದಿಗೆ ಪ್ರೀತಿ ಹಂಚಿಕೊಳ್ಳಲು ಪ್ರೇರೇಪಿಸುತ್ತದೆ.
ಸಾಮಾಜಿಕ ಒಳ್ಳೆಯ ನಡವಳಿಕೆ ನೆರೆಹೊರೆಯವರಲ್ಲಿ ಒಂದು ಮಾರ್ಗವಾಗಿ ನಮ್ಮ ಆಧ್ಯಾತ್ಮಿಕ ಚೇತನವನ್ನು ಗೌರವಿಸುತ್ತದೆ.
